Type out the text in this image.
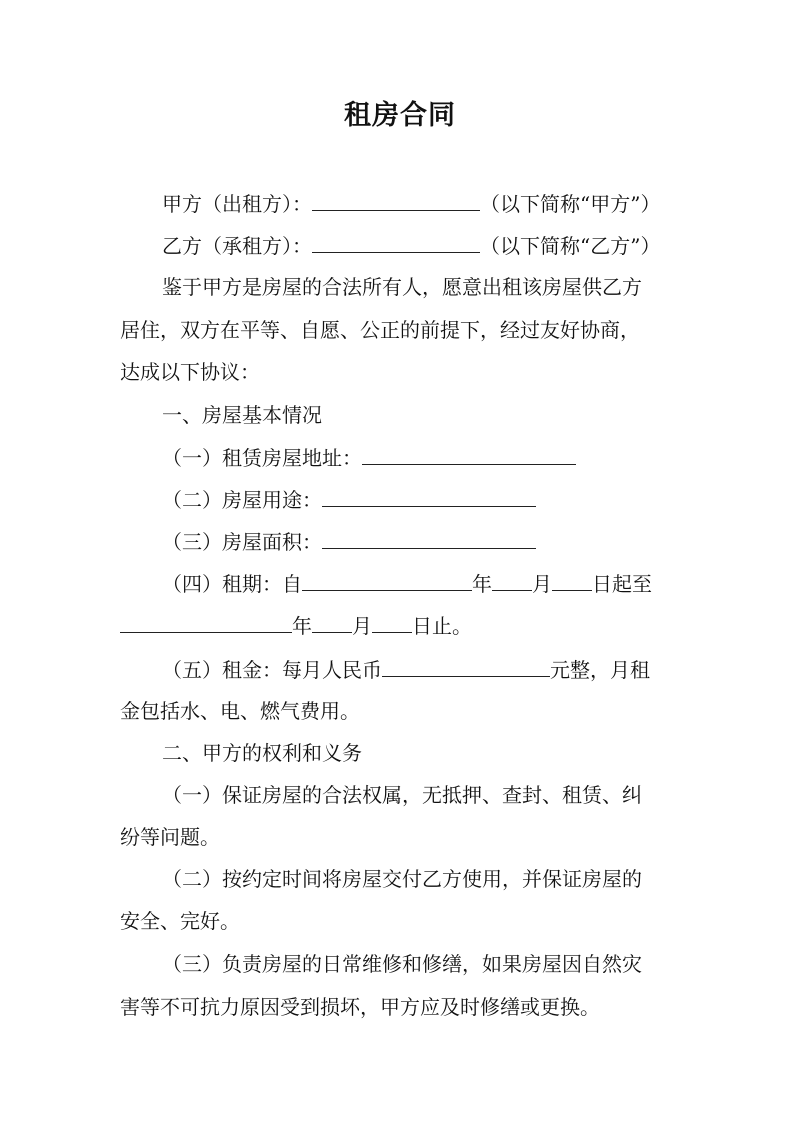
租房合同
甲方（出租方）：	（以下简称“甲方”）
乙方（承租方）：	（以下简称“乙方”）
鉴于甲方是房屋的合法所有人，愿意出租该房屋供乙方
居住，双方在平等、自愿、公正的前提下，经过友好协商，
达成以下协议：
一、房屋基本情况
（一）租赁房屋地址：
（二）房屋用途：
（三）房屋面积：
（四）租期：自	年 月 日起至
年 月 日止。
（五）租金：每月人民币	元整，月租
金包括水、电、燃气费用。
二、甲方的权利和义务
（一）保证房屋的合法权属，无抵押、查封、租赁、纠
纷等问题。
（二）按约定时间将房屋交付乙方使用，并保证房屋的
安全、完好。
（三）负责房屋的日常维修和修缮，如果房屋因自然灾
害等不可抗力原因受到损坏，甲方应及时修缮或更换。
